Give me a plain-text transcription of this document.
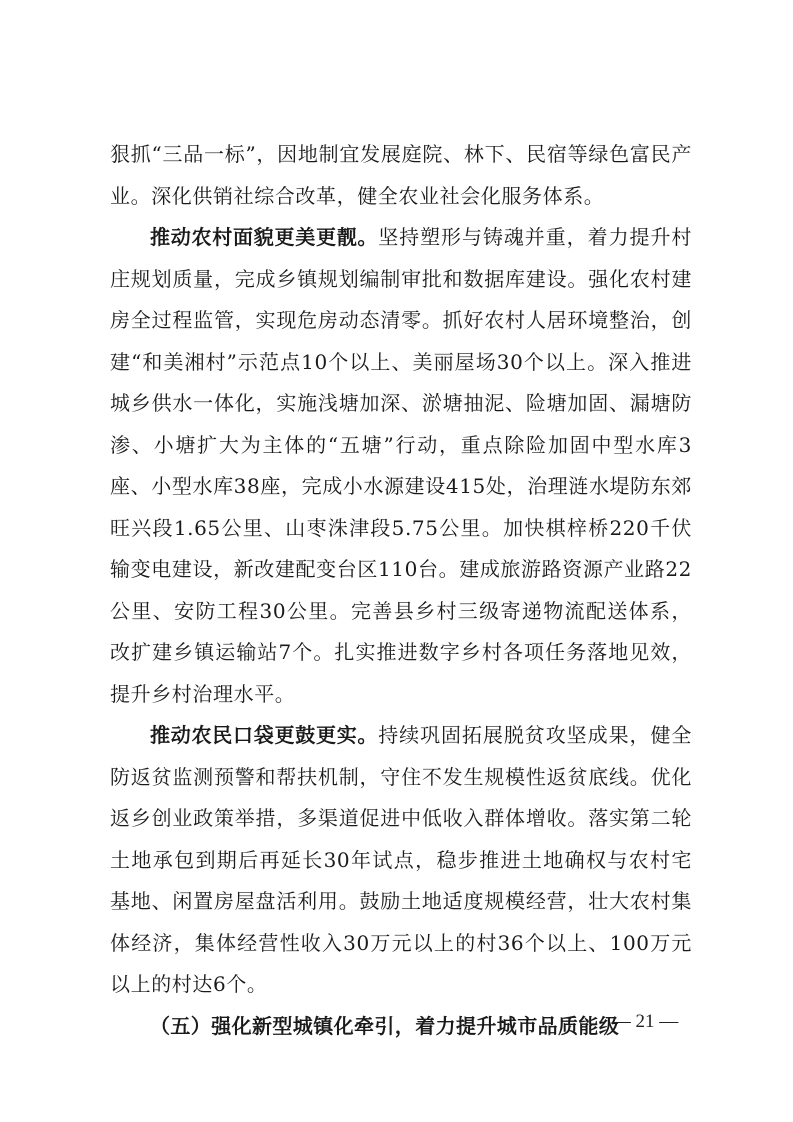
狠抓“三品一标”，因地制宜发展庭院、林下、民宿等绿色富民产业。深化供销社综合改革，健全农业社会化服务体系。

推动农村面貌更美更靓。坚持塑形与铸魂并重，着力提升村庄规划质量，完成乡镇规划编制审批和数据库建设。强化农村建房全过程监管，实现危房动态清零。抓好农村人居环境整治，创建“和美湘村”示范点10个以上、美丽屋场30个以上。深入推进城乡供水一体化，实施浅塘加深、淤塘抽泥、险塘加固、漏塘防渗、小塘扩大为主体的“五塘”行动，重点除险加固中型水库3座、小型水库38座，完成小水源建设415处，治理涟水堤防东郊旺兴段1.65公里、山枣洙津段5.75公里。加快棋梓桥220千伏输变电建设，新改建配变台区110台。建成旅游路资源产业路22公里、安防工程30公里。完善县乡村三级寄递物流配送体系，改扩建乡镇运输站7个。扎实推进数字乡村各项任务落地见效，提升乡村治理水平。

推动农民口袋更鼓更实。持续巩固拓展脱贫攻坚成果，健全防返贫监测预警和帮扶机制，守住不发生规模性返贫底线。优化返乡创业政策举措，多渠道促进中低收入群体增收。落实第二轮土地承包到期后再延长30年试点，稳步推进土地确权与农村宅基地、闲置房屋盘活利用。鼓励土地适度规模经营，壮大农村集体经济，集体经营性收入30万元以上的村36个以上、100万元以上的村达6个。

（五）强化新型城镇化牵引，着力提升城市品质能级

— 21 —
